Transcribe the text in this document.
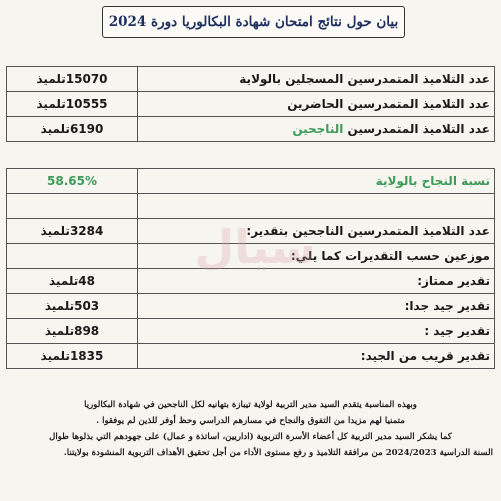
بيان حول نتائج امتحان شهادة البكالوريا دورة 2024
عدد التلاميذ المتمدرسين المسجلين بالولاية	15070تلميذ
عدد التلاميذ المتمدرسين الحاضرين	10555تلميذ
عدد التلاميذ المتمدرسين الناجحين	6190تلميذ
نسبة النجاح بالولاية	58.65%

عدد التلاميذ المتمدرسين الناجحين بتقدير:	3284تلميذ
موزعين حسب التقديرات كما يلي:	
تقدير ممتاز:	48تلميذ
تقدير جيد جدا:	503تلميذ
تقدير جيد :	898تلميذ
تقدير قريب من الجيد:	1835تلميذ
سيال

وبهذه المناسبة يتقدم السيد مدير التربية لولاية تيبازة بتهانيه لكل الناجحين في شهادة البكالوريا

متمنيا لهم مزيدا من التفوق والنجاح في مسارهم الدراسي وحظ أوفر للذين لم يوفقوا .

كما يشكر السيد مدير التربية كل أعضاء الأسرة التربوية (اداريين، اساتذة و عمال) على جهودهم التي بذلوها طوال

السنة الدراسية 2024/2023 من مرافقة التلاميذ و رفع مستوى الأداء من أجل تحقيق الأهداف التربوية المنشودة بولايتنا.
